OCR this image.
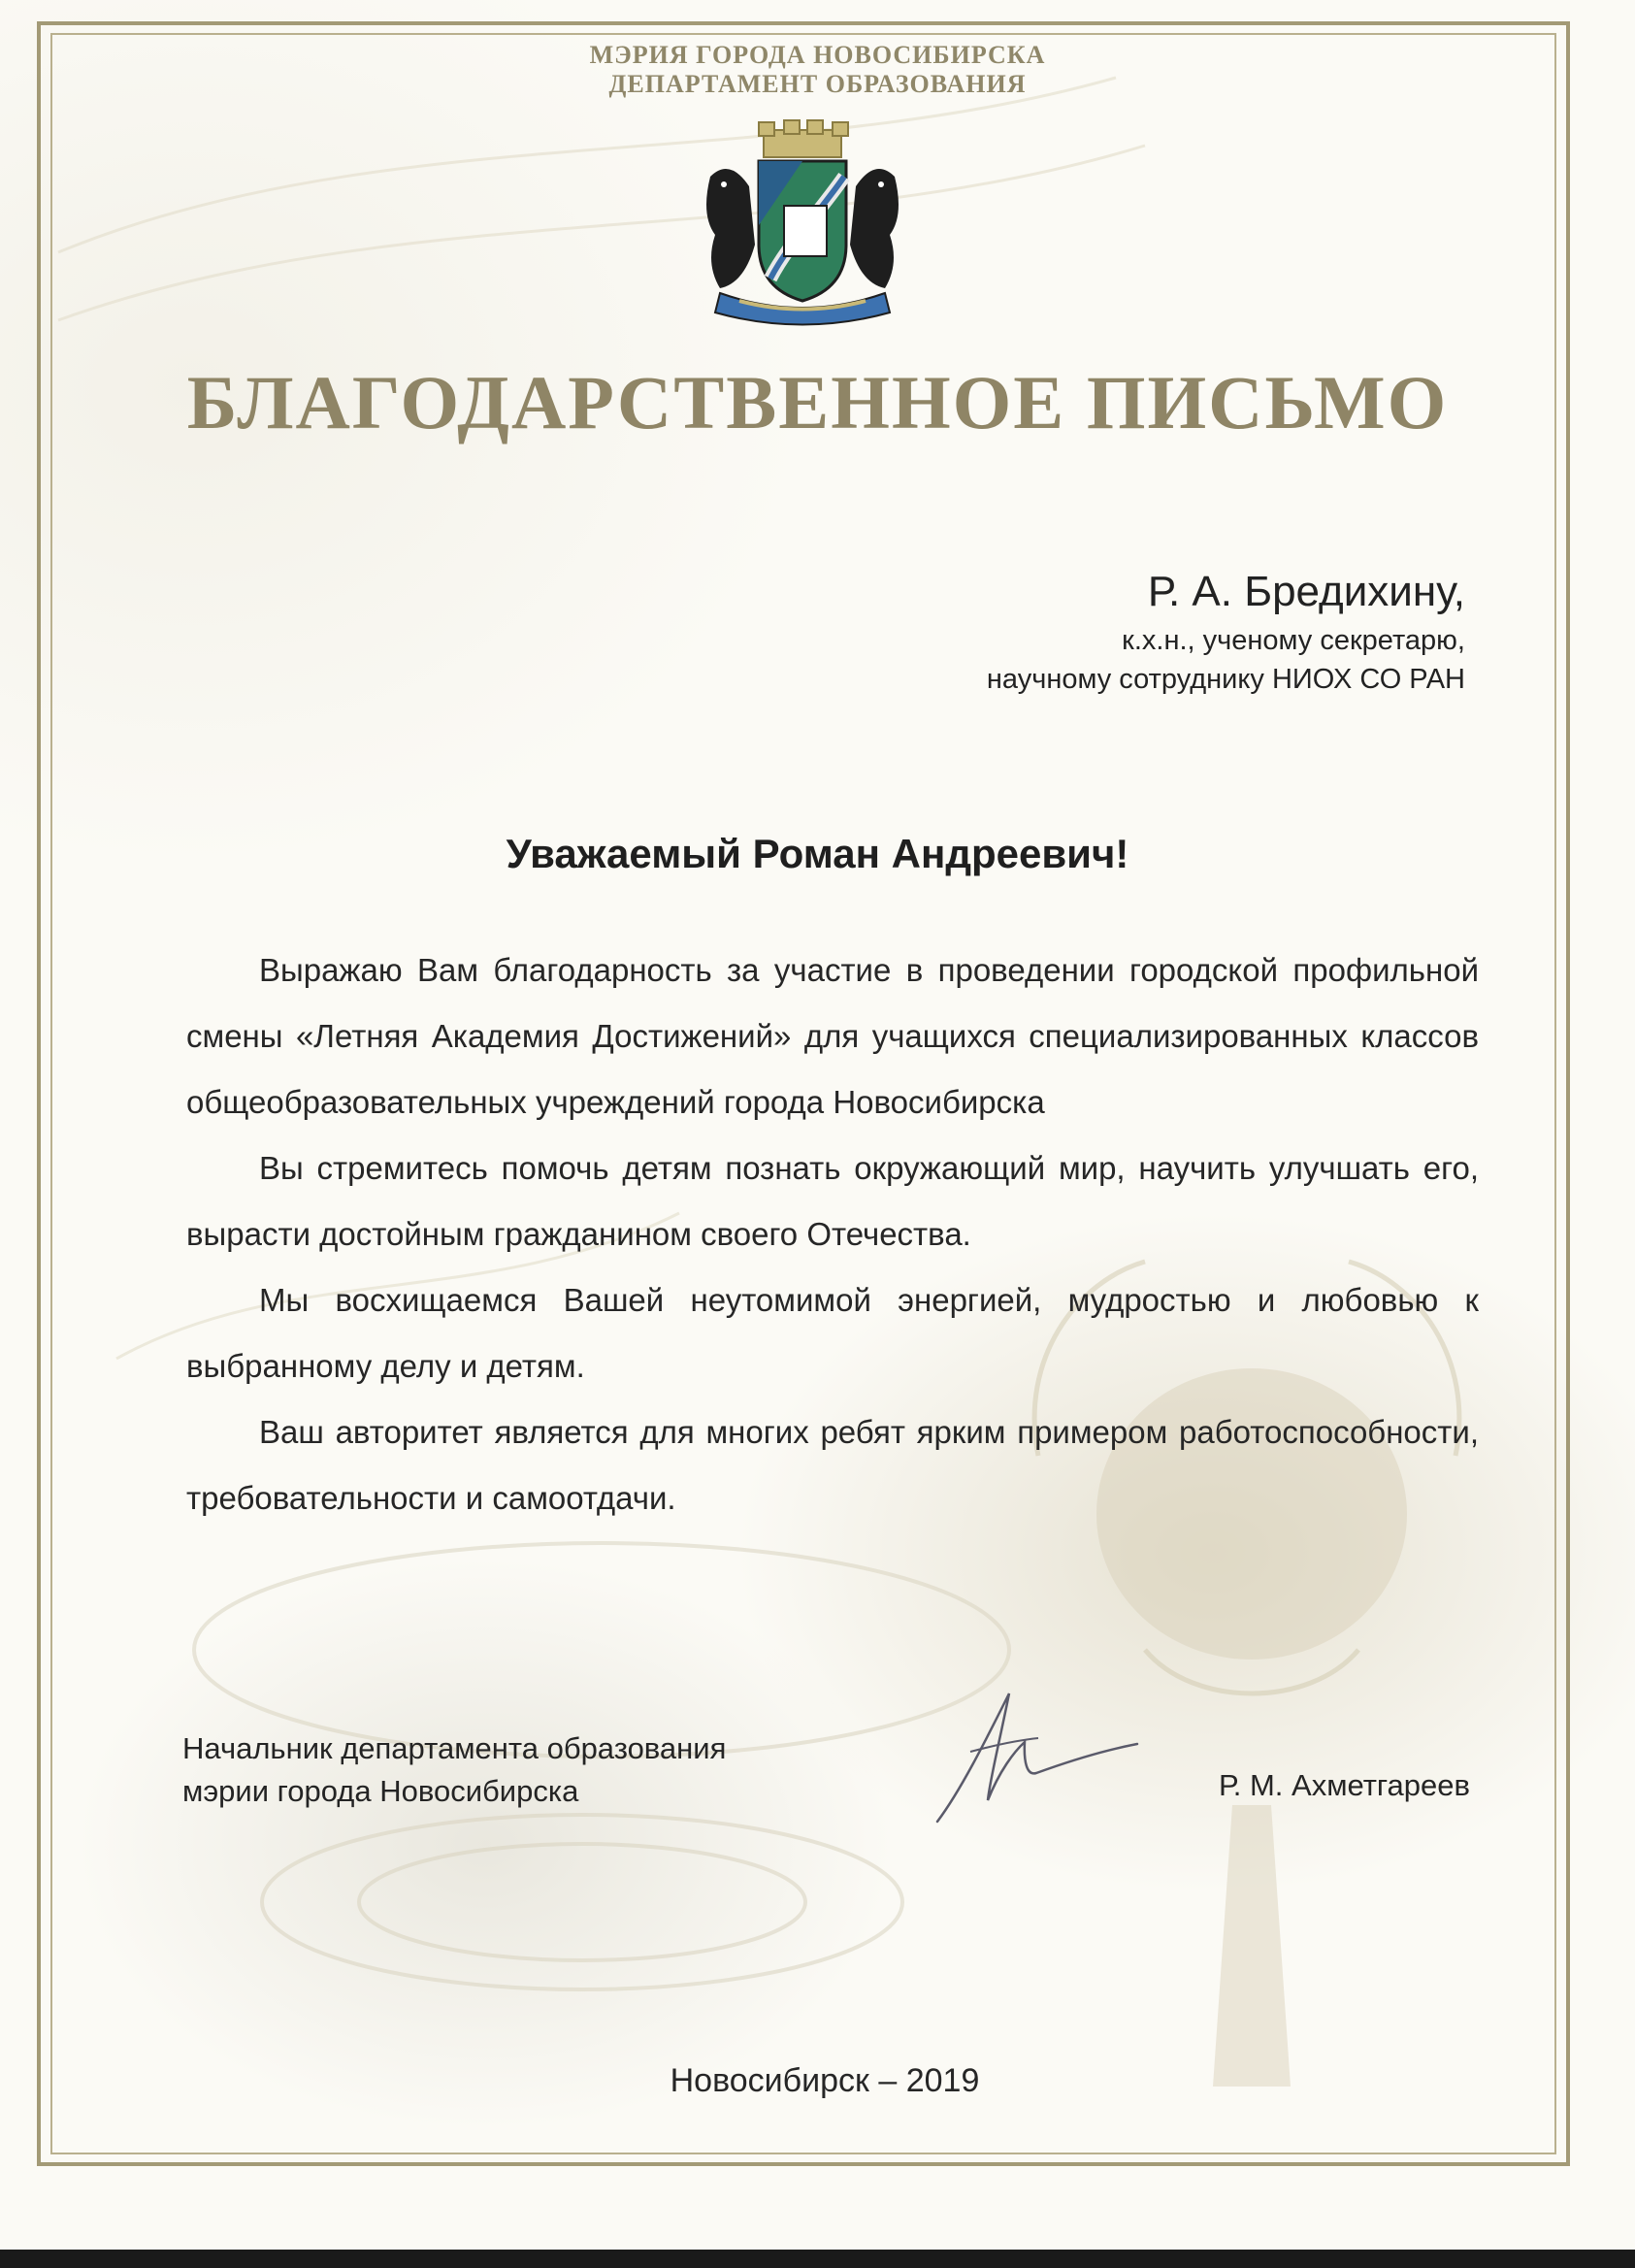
МЭРИЯ ГОРОДА НОВОСИБИРСКА
ДЕПАРТАМЕНТ ОБРАЗОВАНИЯ
БЛАГОДАРСТВЕННОЕ ПИСЬМО
Р. А. Бредихину,
к.х.н., ученому секретарю,
научному сотруднику НИОХ СО РАН
Уважаемый Роман Андреевич!

Выражаю Вам благодарность за участие в проведении городской профильной смены «Летняя Академия Достижений» для учащихся специализированных классов общеобразовательных учреждений города Новосибирска

Вы стремитесь помочь детям познать окружающий мир, научить улучшать его, вырасти достойным гражданином своего Отечества.

Мы восхищаемся Вашей неутомимой энергией, мудростью и любовью к выбранному делу и детям.

Ваш авторитет является для многих ребят ярким примером работоспособности, требовательности и самоотдачи.

Начальник департамента образования
мэрии города Новосибирска	Р. М. Ахметгареев
Новосибирск – 2019
